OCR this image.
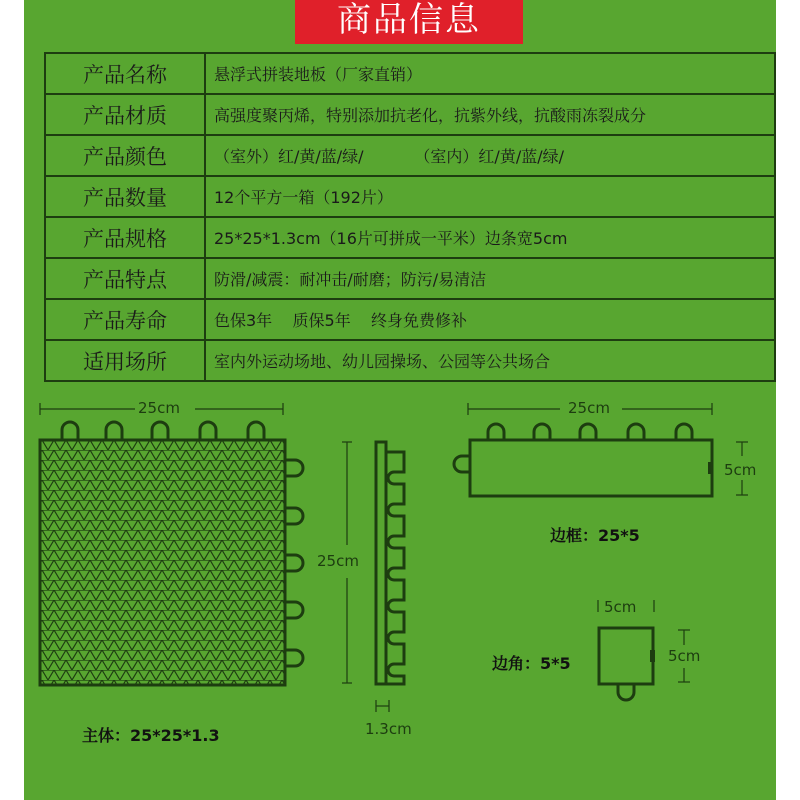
商品信息
产品名称	悬浮式拼装地板（厂家直销）
产品材质	高强度聚丙烯，特别添加抗老化，抗紫外线，抗酸雨冻裂成分
产品颜色	（室外）红/黄/蓝/绿/          （室内）红/黄/蓝/绿/
产品数量	12个平方一箱（192片）
产品规格	25*25*1.3cm（16片可拼成一平米）边条宽5cm
产品特点	防滑/减震：耐冲击/耐磨；防污/易清洁
产品寿命	色保3年    质保5年    终身免费修补
适用场所	室内外运动场地、幼儿园操场、公园等公共场合
25cm
25cm
1.3cm
主体：25*25*1.3
25cm
5cm
边框：25*5
5cm
5cm
边角：5*5
